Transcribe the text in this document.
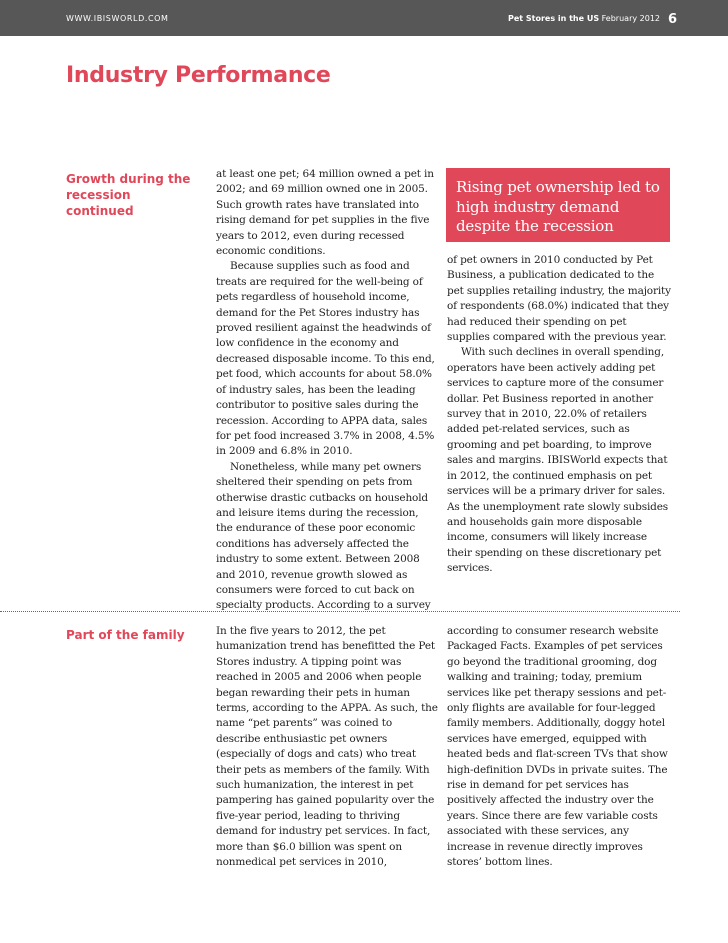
WWW.IBISWORLD.COM	Pet Stores in the US February 2012 6
Industry Performance
Growth during the recession continued

at least one pet; 64 million owned a pet in 2002; and 69 million owned one in 2005. Such growth rates have translated into rising demand for pet supplies in the five years to 2012, even during recessed economic conditions.

Because supplies such as food and treats are required for the well-being of pets regardless of household income, demand for the Pet Stores industry has proved resilient against the headwinds of low confidence in the economy and decreased disposable income. To this end, pet food, which accounts for about 58.0% of industry sales, has been the leading contributor to positive sales during the recession. According to APPA data, sales for pet food increased 3.7% in 2008, 4.5% in 2009 and 6.8% in 2010.

Nonetheless, while many pet owners sheltered their spending on pets from otherwise drastic cutbacks on household and leisure items during the recession, the endurance of these poor economic conditions has adversely affected the industry to some extent. Between 2008 and 2010, revenue growth slowed as consumers were forced to cut back on specialty products. According to a survey

Rising pet ownership led to high industry demand despite the recession

of pet owners in 2010 conducted by Pet Business, a publication dedicated to the pet supplies retailing industry, the majority of respondents (68.0%) indicated that they had reduced their spending on pet supplies compared with the previous year.

With such declines in overall spending, operators have been actively adding pet services to capture more of the consumer dollar. Pet Business reported in another survey that in 2010, 22.0% of retailers added pet-related services, such as grooming and pet boarding, to improve sales and margins. IBISWorld expects that in 2012, the continued emphasis on pet services will be a primary driver for sales. As the unemployment rate slowly subsides and households gain more disposable income, consumers will likely increase their spending on these discretionary pet services.

Part of the family	In the five years to 2012, the pet humanization trend has benefitted the Pet Stores industry. A tipping point was reached in 2005 and 2006 when people began rewarding their pets in human terms, according to the APPA. As such, the name “pet parents” was coined to describe enthusiastic pet owners (especially of dogs and cats) who treat their pets as members of the family. With such humanization, the interest in pet pampering has gained popularity over the five-year period, leading to thriving demand for industry pet services. In fact, more than $6.0 billion was spent on nonmedical pet services in 2010,

according to consumer research website Packaged Facts. Examples of pet services go beyond the traditional grooming, dog walking and training; today, premium services like pet therapy sessions and pet-only flights are available for four-legged family members. Additionally, doggy hotel services have emerged, equipped with heated beds and flat-screen TVs that show high-definition DVDs in private suites. The rise in demand for pet services has positively affected the industry over the years. Since there are few variable costs associated with these services, any increase in revenue directly improves stores’ bottom lines.
